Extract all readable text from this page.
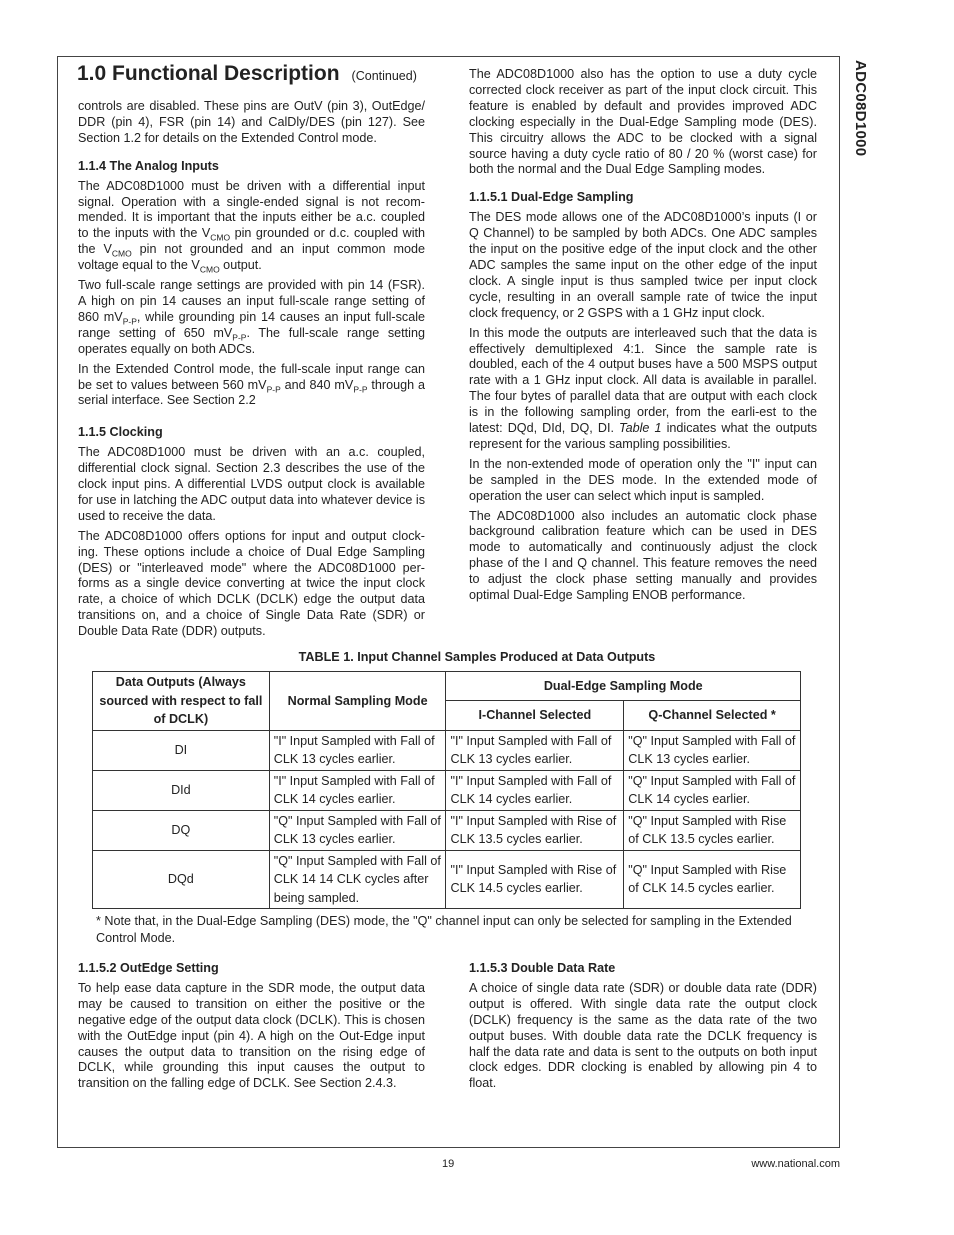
ADC08D1000
1.0 Functional Description (Continued)

controls are disabled. These pins are OutV (pin 3), OutEdge/ DDR (pin 4), FSR (pin 14) and CalDly/DES (pin 127). See Section 1.2 for details on the Extended Control mode.

1.1.4 The Analog Inputs

The ADC08D1000 must be driven with a differential input signal. Operation with a single-ended signal is not recom-mended. It is important that the inputs either be a.c. coupled to the inputs with the $V_{CMO}$ pin grounded or d.c. coupled with the $V_{CMO}$ pin not grounded and an input common mode voltage equal to the $V_{CMO}$ output.

Two full-scale range settings are provided with pin 14 (FSR). A high on pin 14 causes an input full-scale range setting of 860 $mV_{P-P}$, while grounding pin 14 causes an input full-scale range setting of 650 $mV_{P-P}$. The full-scale range setting operates equally on both ADCs.

In the Extended Control mode, the full-scale input range can be set to values between 560 $mV_{P-P}$ and 840 $mV_{P-P}$ through a serial interface. See Section 2.2

1.1.5 Clocking

The ADC08D1000 must be driven with an a.c. coupled, differential clock signal. Section 2.3 describes the use of the clock input pins. A differential LVDS output clock is available for use in latching the ADC output data into whatever device is used to receive the data.

The ADC08D1000 offers options for input and output clock-ing. These options include a choice of Dual Edge Sampling (DES) or "interleaved mode" where the ADC08D1000 per-forms as a single device converting at twice the input clock rate, a choice of which DCLK (DCLK) edge the output data transitions on, and a choice of Single Data Rate (SDR) or Double Data Rate (DDR) outputs.

The ADC08D1000 also has the option to use a duty cycle corrected clock receiver as part of the input clock circuit. This feature is enabled by default and provides improved ADC clocking especially in the Dual-Edge Sampling mode (DES). This circuitry allows the ADC to be clocked with a signal source having a duty cycle ratio of 80 / 20 % (worst case) for both the normal and the Dual Edge Sampling modes.

1.1.5.1 Dual-Edge Sampling

The DES mode allows one of the ADC08D1000’s inputs (I or Q Channel) to be sampled by both ADCs. One ADC samples the input on the positive edge of the input clock and the other ADC samples the same input on the other edge of the input clock. A single input is thus sampled twice per input clock cycle, resulting in an overall sample rate of twice the input clock frequency, or 2 GSPS with a 1 GHz input clock.

In this mode the outputs are interleaved such that the data is effectively demultiplexed 4:1. Since the sample rate is doubled, each of the 4 output buses have a 500 MSPS output rate with a 1 GHz input clock. All data is available in parallel. The four bytes of parallel data that are output with each clock is in the following sampling order, from the earli-est to the latest: DQd, DId, DQ, DI. Table 1 indicates what the outputs represent for the various sampling possibilities.

In the non-extended mode of operation only the "I" input can be sampled in the DES mode. In the extended mode of operation the user can select which input is sampled.

The ADC08D1000 also includes an automatic clock phase background calibration feature which can be used in DES mode to automatically and continuously adjust the clock phase of the I and Q channel. This feature removes the need to adjust the clock phase setting manually and provides optimal Dual-Edge Sampling ENOB performance.

TABLE 1. Input Channel Samples Produced at Data Outputs
Data Outputs (Always sourced with respect to fall of DCLK)	Normal Sampling Mode	Dual-Edge Sampling Mode	
		I-Channel Selected	Q-Channel Selected *
DI	"I" Input Sampled with Fall of CLK 13 cycles earlier.	"I" Input Sampled with Fall of CLK 13 cycles earlier.	"Q" Input Sampled with Fall of CLK 13 cycles earlier.
DId	"I" Input Sampled with Fall of CLK 14 cycles earlier.	"I" Input Sampled with Fall of CLK 14 cycles earlier.	"Q" Input Sampled with Fall of CLK 14 cycles earlier.
DQ	"Q" Input Sampled with Fall of CLK 13 cycles earlier.	"I" Input Sampled with Rise of CLK 13.5 cycles earlier.	"Q" Input Sampled with Rise of CLK 13.5 cycles earlier.
DQd	"Q" Input Sampled with Fall of CLK 14 14 CLK cycles after being sampled.	"I" Input Sampled with Rise of CLK 14.5 cycles earlier.	"Q" Input Sampled with Rise of CLK 14.5 cycles earlier.
* Note that, in the Dual-Edge Sampling (DES) mode, the "Q" channel input can only be selected for sampling in the Extended Control Mode.
1.1.5.2 OutEdge Setting

To help ease data capture in the SDR mode, the output data may be caused to transition on either the positive or the negative edge of the output data clock (DCLK). This is chosen with the OutEdge input (pin 4). A high on the Out-Edge input causes the output data to transition on the rising edge of DCLK, while grounding this input causes the output to transition on the falling edge of DCLK. See Section 2.4.3.

1.1.5.3 Double Data Rate

A choice of single data rate (SDR) or double data rate (DDR) output is offered. With single data rate the output clock (DCLK) frequency is the same as the data rate of the two output buses. With double data rate the DCLK frequency is half the data rate and data is sent to the outputs on both input clock edges. DDR clocking is enabled by allowing pin 4 to float.

19	www.national.com
